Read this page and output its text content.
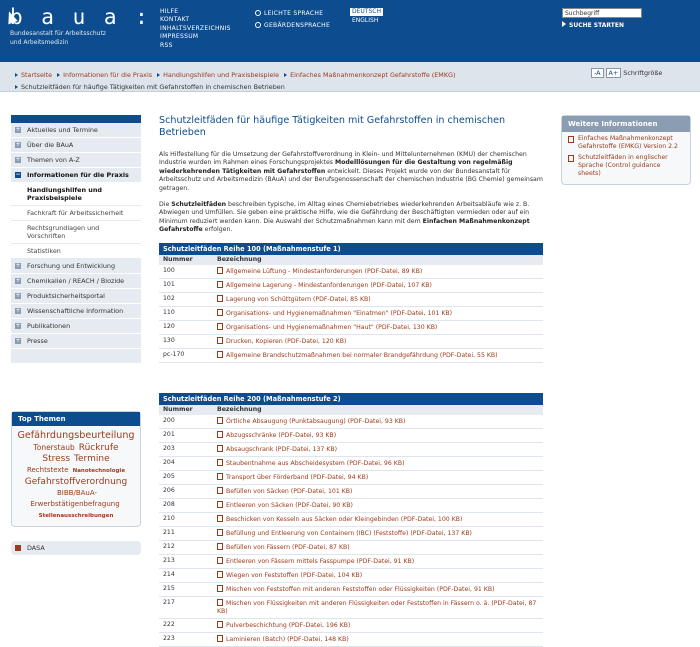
b a u a :
Bundesanstalt für Arbeitsschutz
und Arbeitsmedizin
HILFE
KONTAKT
INHALTSVERZEICHNIS
IMPRESSUM
RSS
LEICHTE SPRACHE
GEBÄRDENSPRACHE
DEUTSCH
ENGLISH
Suchbegriff
SUCHE STARTEN
Startseite Informationen für die Praxis Handlungshilfen und Praxisbeispiele Einfaches Maßnahmenkonzept Gefahrstoffe (EMKG) Schutzleitfäden für häufige Tätigkeiten mit Gefahrstoffen in chemischen Betrieben
-A A+ Schriftgröße
+ Aktuelles und Termine
+ Über die BAuA
+ Themen von A-Z
− Informationen für die Praxis
Handlungshilfen und Praxisbeispiele
Fachkraft für Arbeitssicherheit
Rechtsgrundlagen und Vorschriften
Statistiken
+ Forschung und Entwicklung
+ Chemikalien / REACH / Biozide
+ Produktsicherheitsportal
+ Wissenschaftliche Information
+ Publikationen
+ Presse
Top Themen
Gefährdungsbeurteilung
Tonerstaub Rückrufe
Stress Termine
Rechtstexte Nanotechnologie
Gefahrstoffverordnung
BIBB/BAuA-Erwerbstätigenbefragung
Stellenausschreibungen
DASA
Schutzleitfäden für häufige Tätigkeiten mit Gefahrstoffen in chemischen Betrieben

Als Hilfestellung für die Umsetzung der Gefahrstoffverordnung in Klein- und Mittelunternehmen (KMU) der chemischen Industrie wurden im Rahmen eines Forschungsprojektes Modelllösungen für die Gestaltung von regelmäßig wiederkehrenden Tätigkeiten mit Gefahrstoffen entwickelt. Dieses Projekt wurde von der Bundesanstalt für Arbeitsschutz und Arbeitsmedizin (BAuA) und der Berufsgenossenschaft der chemischen Industrie (BG Chemie) gemeinsam getragen.

Die Schutzleitfäden beschreiben typische, im Alltag eines Chemiebetriebes wiederkehrenden Arbeitsabläufe wie z. B. Abwiegen und Umfüllen. Sie geben eine praktische Hilfe, wie die Gefährdung der Beschäftigten vermieden oder auf ein Minimum reduziert werden kann. Die Auswahl der Schutzmaßnahmen kann mit dem Einfachen Maßnahmenkonzept Gefahrstoffe erfolgen.

Schutzleitfäden Reihe 100 (Maßnahmenstufe 1)
Nummer	Bezeichnung
100	Allgemeine Lüftung - Mindestanforderungen (PDF-Datei, 89 KB)
101	Allgemeine Lagerung - Mindestanforderungen (PDF-Datei, 107 KB)
102	Lagerung von Schüttgütern (PDF-Datei, 85 KB)
110	Organisations- und Hygienemaßnahmen "Einatmen" (PDF-Datei, 101 KB)
120	Organisations- und Hygienemaßnahmen "Haut" (PDF-Datei, 130 KB)
130	Drucken, Kopieren (PDF-Datei, 120 KB)
pc-170	Allgemeine Brandschutzmaßnahmen bei normaler Brandgefährdung (PDF-Datei, 55 KB)
Schutzleitfäden Reihe 200 (Maßnahmenstufe 2)
Nummer	Bezeichnung
200	Örtliche Absaugung (Punktabsaugung) (PDF-Datei, 93 KB)
201	Abzugsschränke (PDF-Datei, 93 KB)
203	Absaugschrank (PDF-Datei, 137 KB)
204	Staubentnahme aus Abscheidesystem (PDF-Datei, 96 KB)
205	Transport über Förderband (PDF-Datei, 94 KB)
206	Befüllen von Säcken (PDF-Datei, 101 KB)
208	Entleeren von Säcken (PDF-Datei, 90 KB)
210	Beschicken von Kesseln aus Säcken oder Kleingebinden (PDF-Datei, 100 KB)
211	Befüllung und Entleerung von Containern (IBC) (Feststoffe) (PDF-Datei, 137 KB)
212	Befüllen von Fässern (PDF-Datei, 87 KB)
213	Entleeren von Fässern mittels Fasspumpe (PDF-Datei, 91 KB)
214	Wiegen von Feststoffen (PDF-Datei, 104 KB)
215	Mischen von Feststoffen mit anderen Feststoffen oder Flüssigkeiten (PDF-Datei, 91 KB)
217	Mischen von Flüssigkeiten mit anderen Flüssigkeiten oder Feststoffen in Fässern o. ä. (PDF-Datei, 87 KB)
222	Pulverbeschichtung (PDF-Datei, 196 KB)
223	Laminieren (Batch) (PDF-Datei, 148 KB)
Weitere Informationen
Einfaches Maßnahmenkonzept Gefahrstoffe (EMKG) Version 2.2
Schutzleitfäden in englischer Sprache (Control guidance sheets)
